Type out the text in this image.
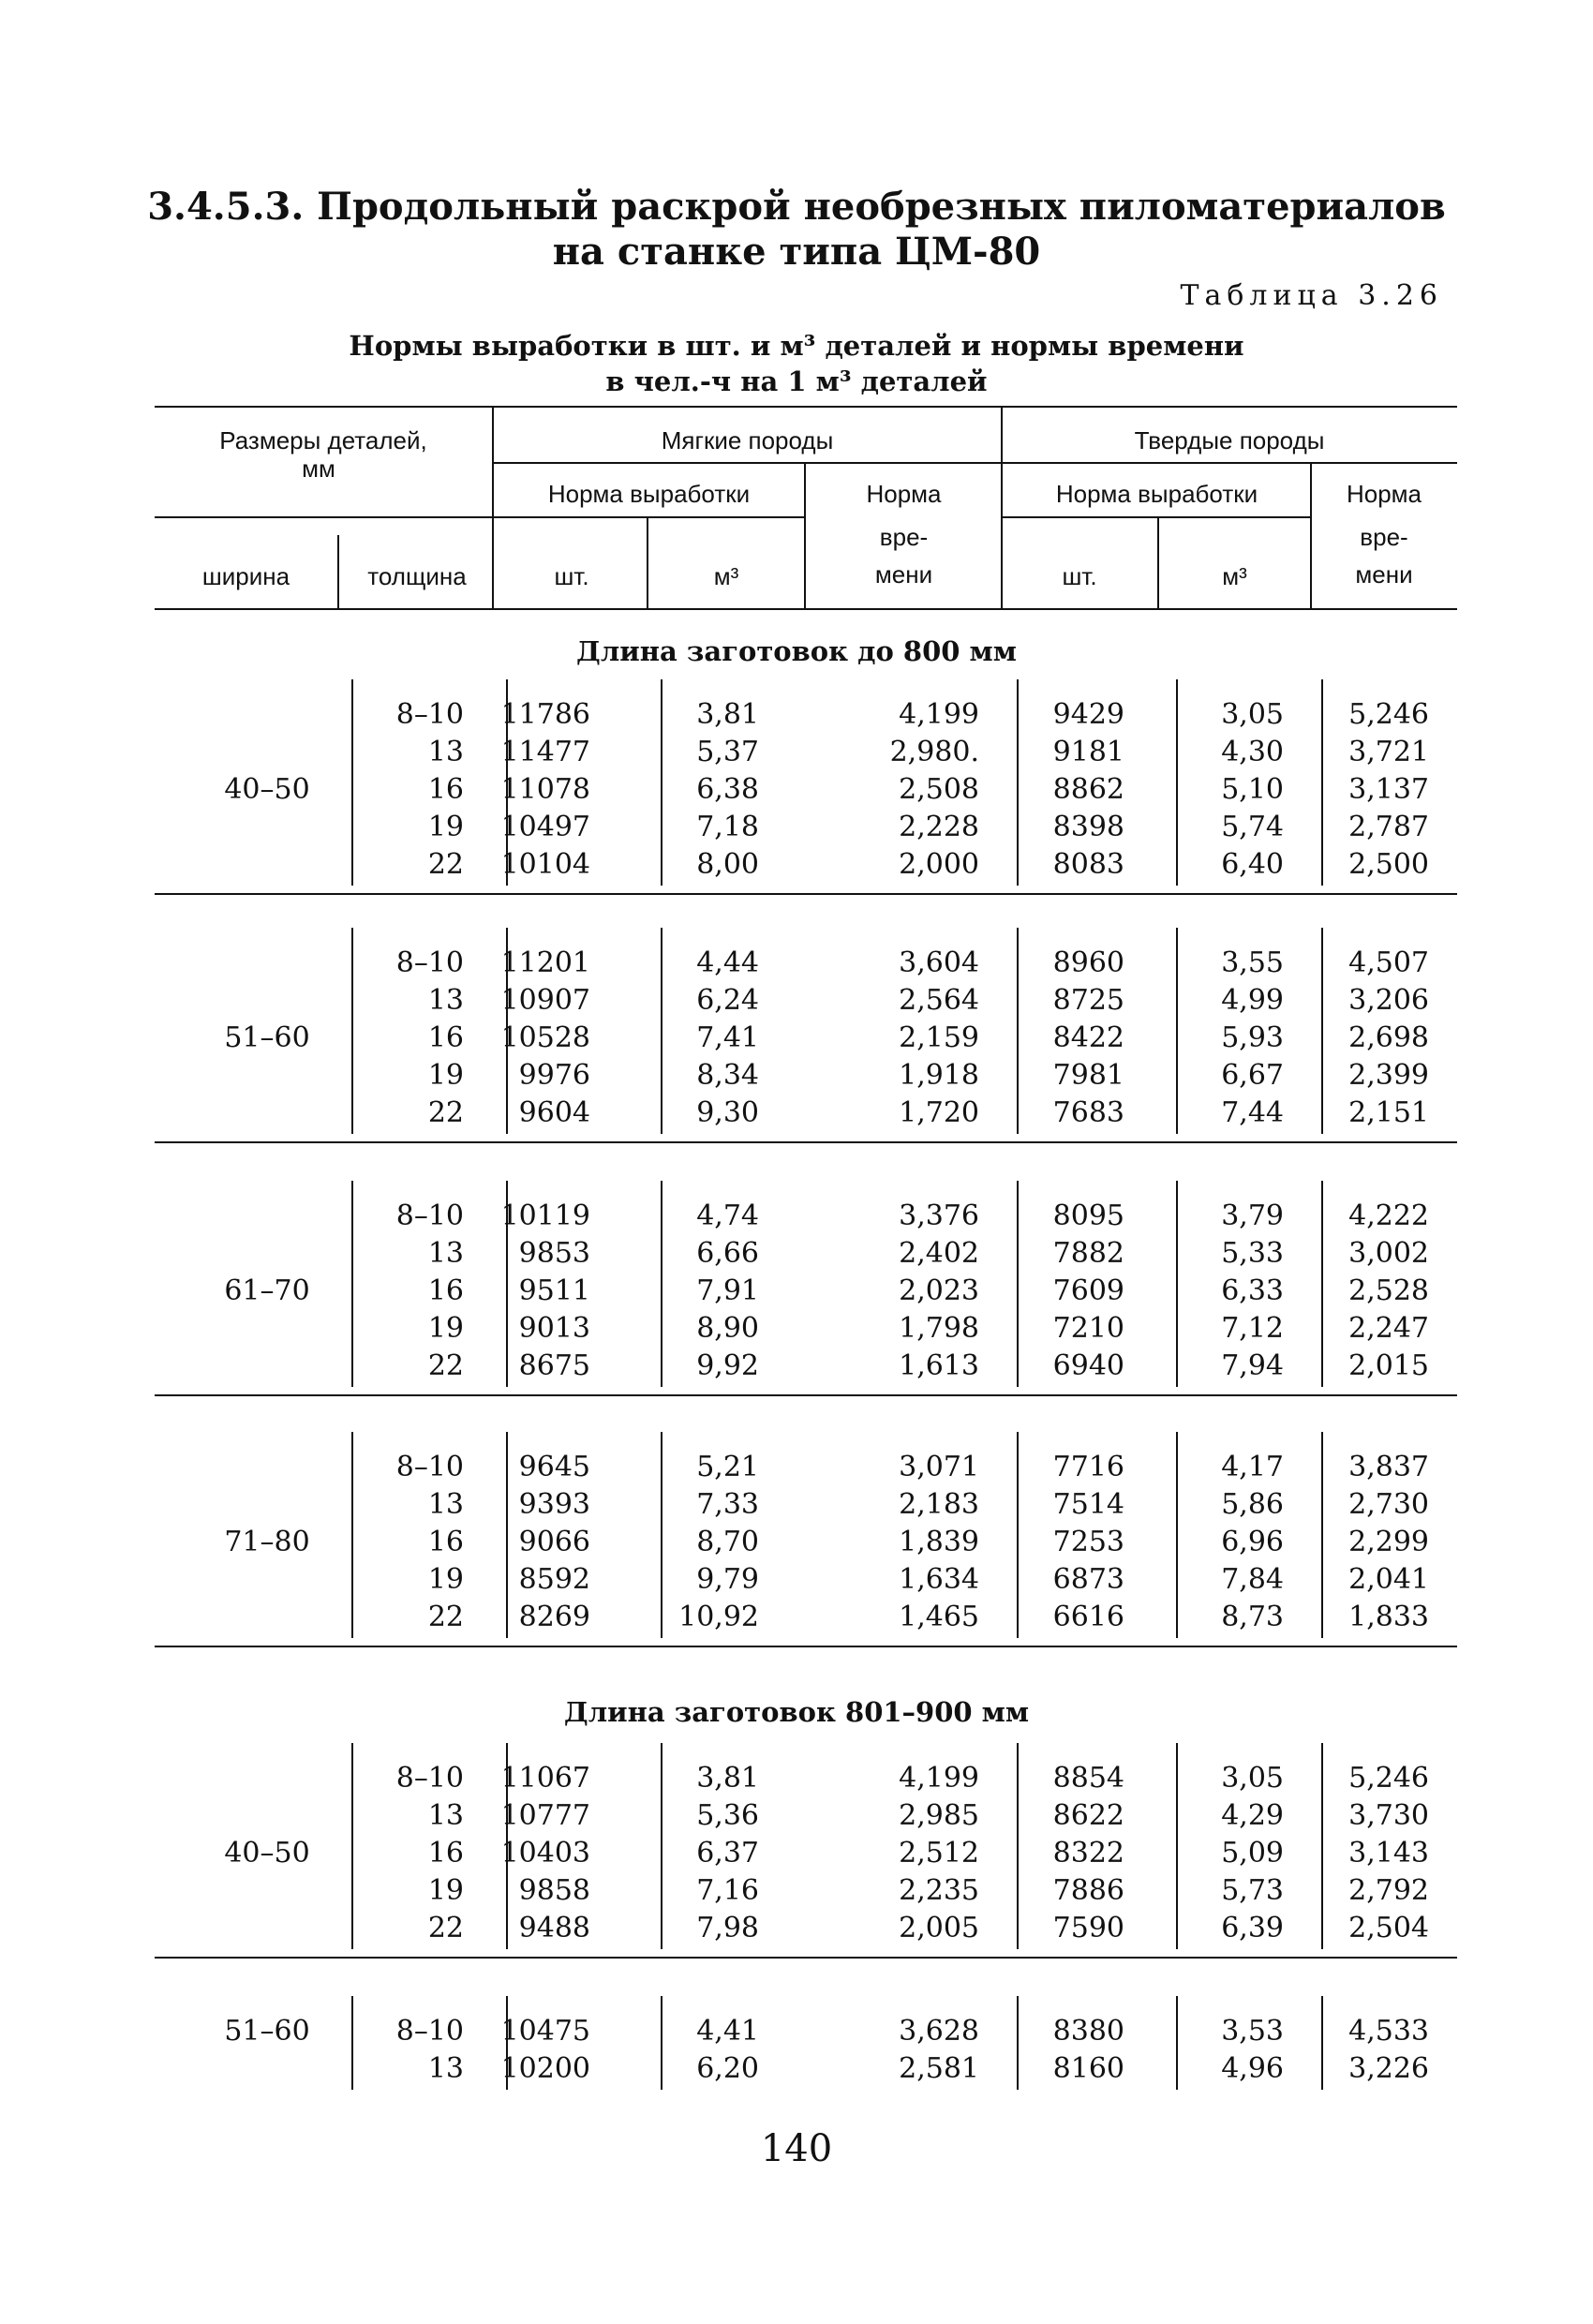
3.4.5.3. Продольный раскрой необрезных пиломатериалов
на станке типа ЦМ-80
Таблица 3.26
Нормы выработки в шт. и м³ деталей и нормы времени
в чел.-ч на 1 м³ деталей
Размеры деталей,
мм
Мягкие породы	Твердые породы
Норма выработки	Норма
вре-
мени
Норма выработки	Норма
вре-
мени
ширина	толщина	шт.	м³	шт.	м³
Длина заготовок до 800 мм
40–50
8–10	11786	3,81	4,199	9429	3,05	5,246
13	11477	5,37	2,980.	9181	4,30	3,721
16	11078	6,38	2,508	8862	5,10	3,137
19	10497	7,18	2,228	8398	5,74	2,787
22	10104	8,00	2,000	8083	6,40	2,500
51–60
8–10	11201	4,44	3,604	8960	3,55	4,507
13	10907	6,24	2,564	8725	4,99	3,206
16	10528	7,41	2,159	8422	5,93	2,698
19	9976	8,34	1,918	7981	6,67	2,399
22	9604	9,30	1,720	7683	7,44	2,151
61–70
8–10	10119	4,74	3,376	8095	3,79	4,222
13	9853	6,66	2,402	7882	5,33	3,002
16	9511	7,91	2,023	7609	6,33	2,528
19	9013	8,90	1,798	7210	7,12	2,247
22	8675	9,92	1,613	6940	7,94	2,015
71–80
8–10	9645	5,21	3,071	7716	4,17	3,837
13	9393	7,33	2,183	7514	5,86	2,730
16	9066	8,70	1,839	7253	6,96	2,299
19	8592	9,79	1,634	6873	7,84	2,041
22	8269	10,92	1,465	6616	8,73	1,833
Длина заготовок 801–900 мм
40–50
8–10	11067	3,81	4,199	8854	3,05	5,246
13	10777	5,36	2,985	8622	4,29	3,730
16	10403	6,37	2,512	8322	5,09	3,143
19	9858	7,16	2,235	7886	5,73	2,792
22	9488	7,98	2,005	7590	6,39	2,504
51–60	8–10	10475	4,41	3,628	8380	3,53	4,533
13	10200	6,20	2,581	8160	4,96	3,226
140
